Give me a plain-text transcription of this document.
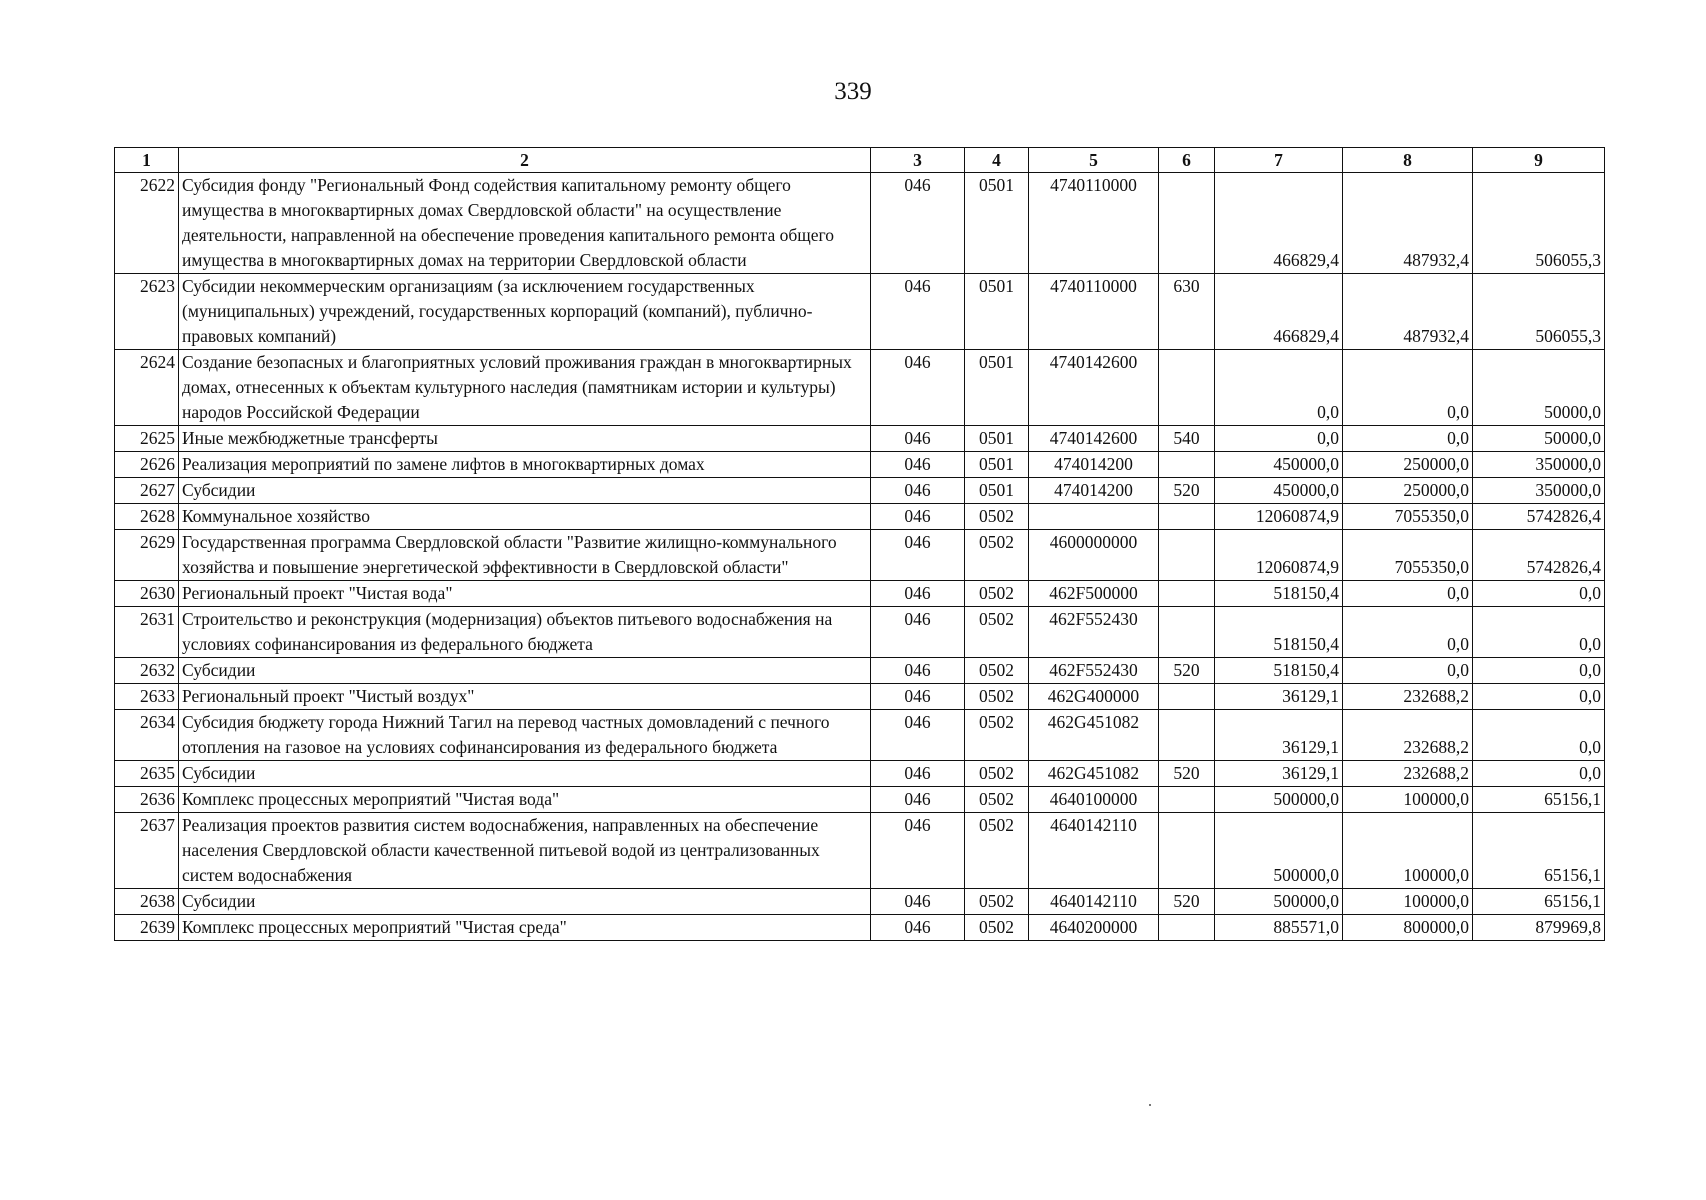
339
1	2	3	4	5	6	7	8	9
2622	Субсидия фонду "Региональный Фонд содействия капитальному ремонту общего имущества в многоквартирных домах Свердловской области" на осуществление деятельности, направленной на обеспечение проведения капитального ремонта общего имущества в многоквартирных домах на территории Свердловской области	046	0501	4740110000		466829,4	487932,4	506055,3
2623	Субсидии некоммерческим организациям (за исключением государственных (муниципальных) учреждений, государственных корпораций (компаний), публично-правовых компаний)	046	0501	4740110000	630	466829,4	487932,4	506055,3
2624	Создание безопасных и благоприятных условий проживания граждан в многоквартирных домах, отнесенных к объектам культурного наследия (памятникам истории и культуры) народов Российской Федерации	046	0501	4740142600		0,0	0,0	50000,0
2625	Иные межбюджетные трансферты	046	0501	4740142600	540	0,0	0,0	50000,0
2626	Реализация мероприятий по замене лифтов в многоквартирных домах	046	0501	474014200		450000,0	250000,0	350000,0
2627	Субсидии	046	0501	474014200	520	450000,0	250000,0	350000,0
2628	Коммунальное хозяйство	046	0502			12060874,9	7055350,0	5742826,4
2629	Государственная программа Свердловской области "Развитие жилищно-коммунального хозяйства и повышение энергетической эффективности в Свердловской области"	046	0502	4600000000		12060874,9	7055350,0	5742826,4
2630	Региональный проект "Чистая вода"	046	0502	462F500000		518150,4	0,0	0,0
2631	Строительство и реконструкция (модернизация) объектов питьевого водоснабжения на условиях софинансирования из федерального бюджета	046	0502	462F552430		518150,4	0,0	0,0
2632	Субсидии	046	0502	462F552430	520	518150,4	0,0	0,0
2633	Региональный проект "Чистый воздух"	046	0502	462G400000		36129,1	232688,2	0,0
2634	Субсидия бюджету города Нижний Тагил на перевод частных домовладений с печного отопления на газовое на условиях софинансирования из федерального бюджета	046	0502	462G451082		36129,1	232688,2	0,0
2635	Субсидии	046	0502	462G451082	520	36129,1	232688,2	0,0
2636	Комплекс процессных мероприятий "Чистая вода"	046	0502	4640100000		500000,0	100000,0	65156,1
2637	Реализация проектов развития систем водоснабжения, направленных на обеспечение населения Свердловской области качественной питьевой водой из централизованных систем водоснабжения	046	0502	4640142110		500000,0	100000,0	65156,1
2638	Субсидии	046	0502	4640142110	520	500000,0	100000,0	65156,1
2639	Комплекс процессных мероприятий "Чистая среда"	046	0502	4640200000		885571,0	800000,0	879969,8
